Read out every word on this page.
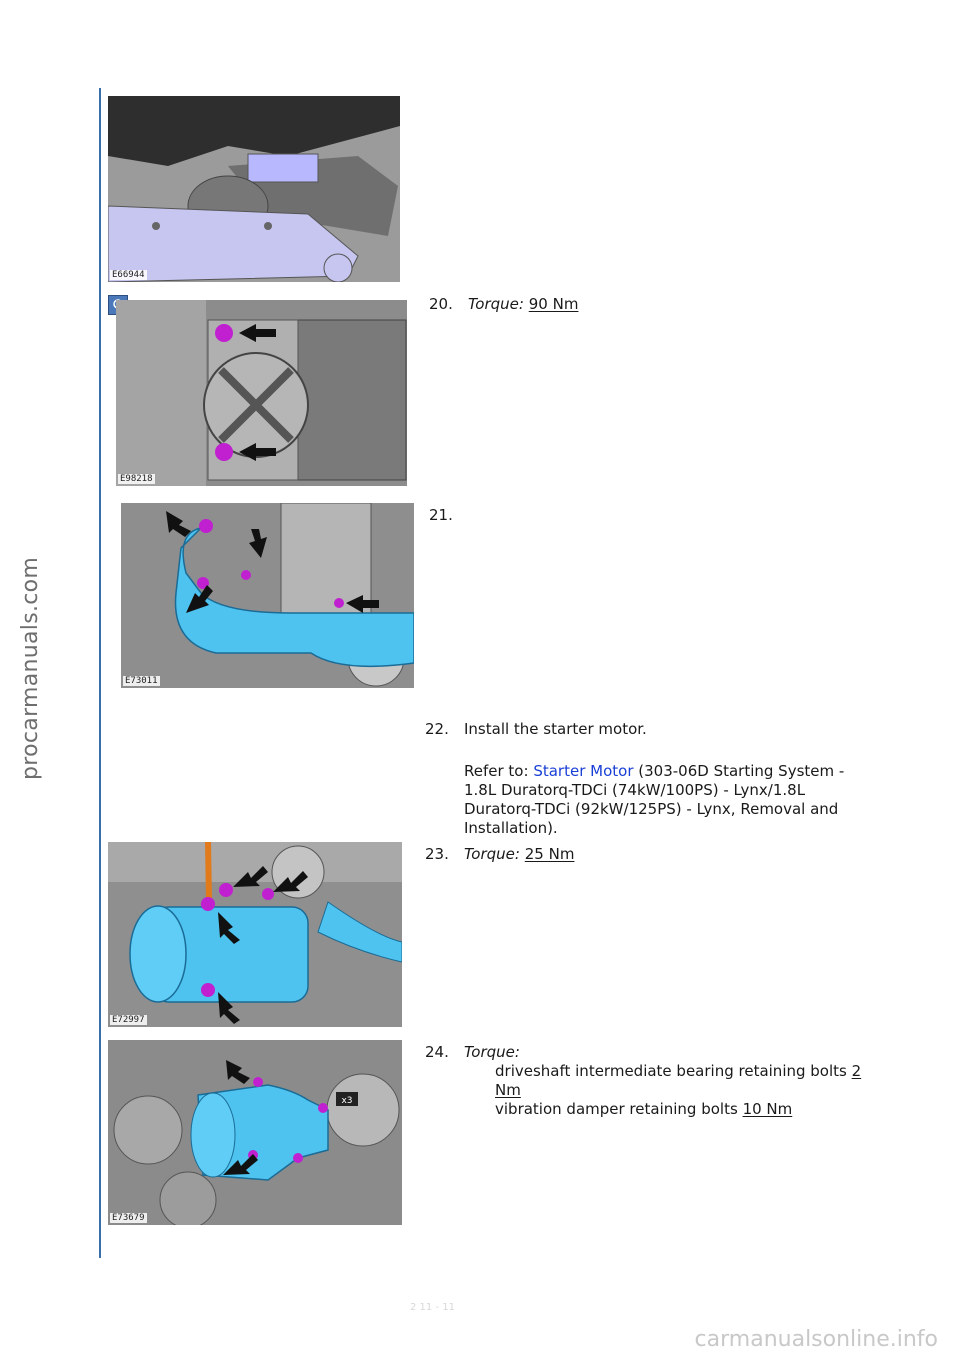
procarmanuals.com
E66944
E98218
20. Torque: 90 Nm
E73011
21.
22. Install the starter motor.
Refer to: Starter Motor (303-06D Starting System -
1.8L Duratorq-TDCi (74kW/100PS) - Lynx/1.8L
Duratorq-TDCi (92kW/125PS) - Lynx, Removal and
Installation).
E72997
23. Torque: 25 Nm
x3
E73679
24. Torque:
driveshaft intermediate bearing retaining bolts 2
Nm
vibration damper retaining bolts 10 Nm
2 11 - 11
carmanualsonline.info
